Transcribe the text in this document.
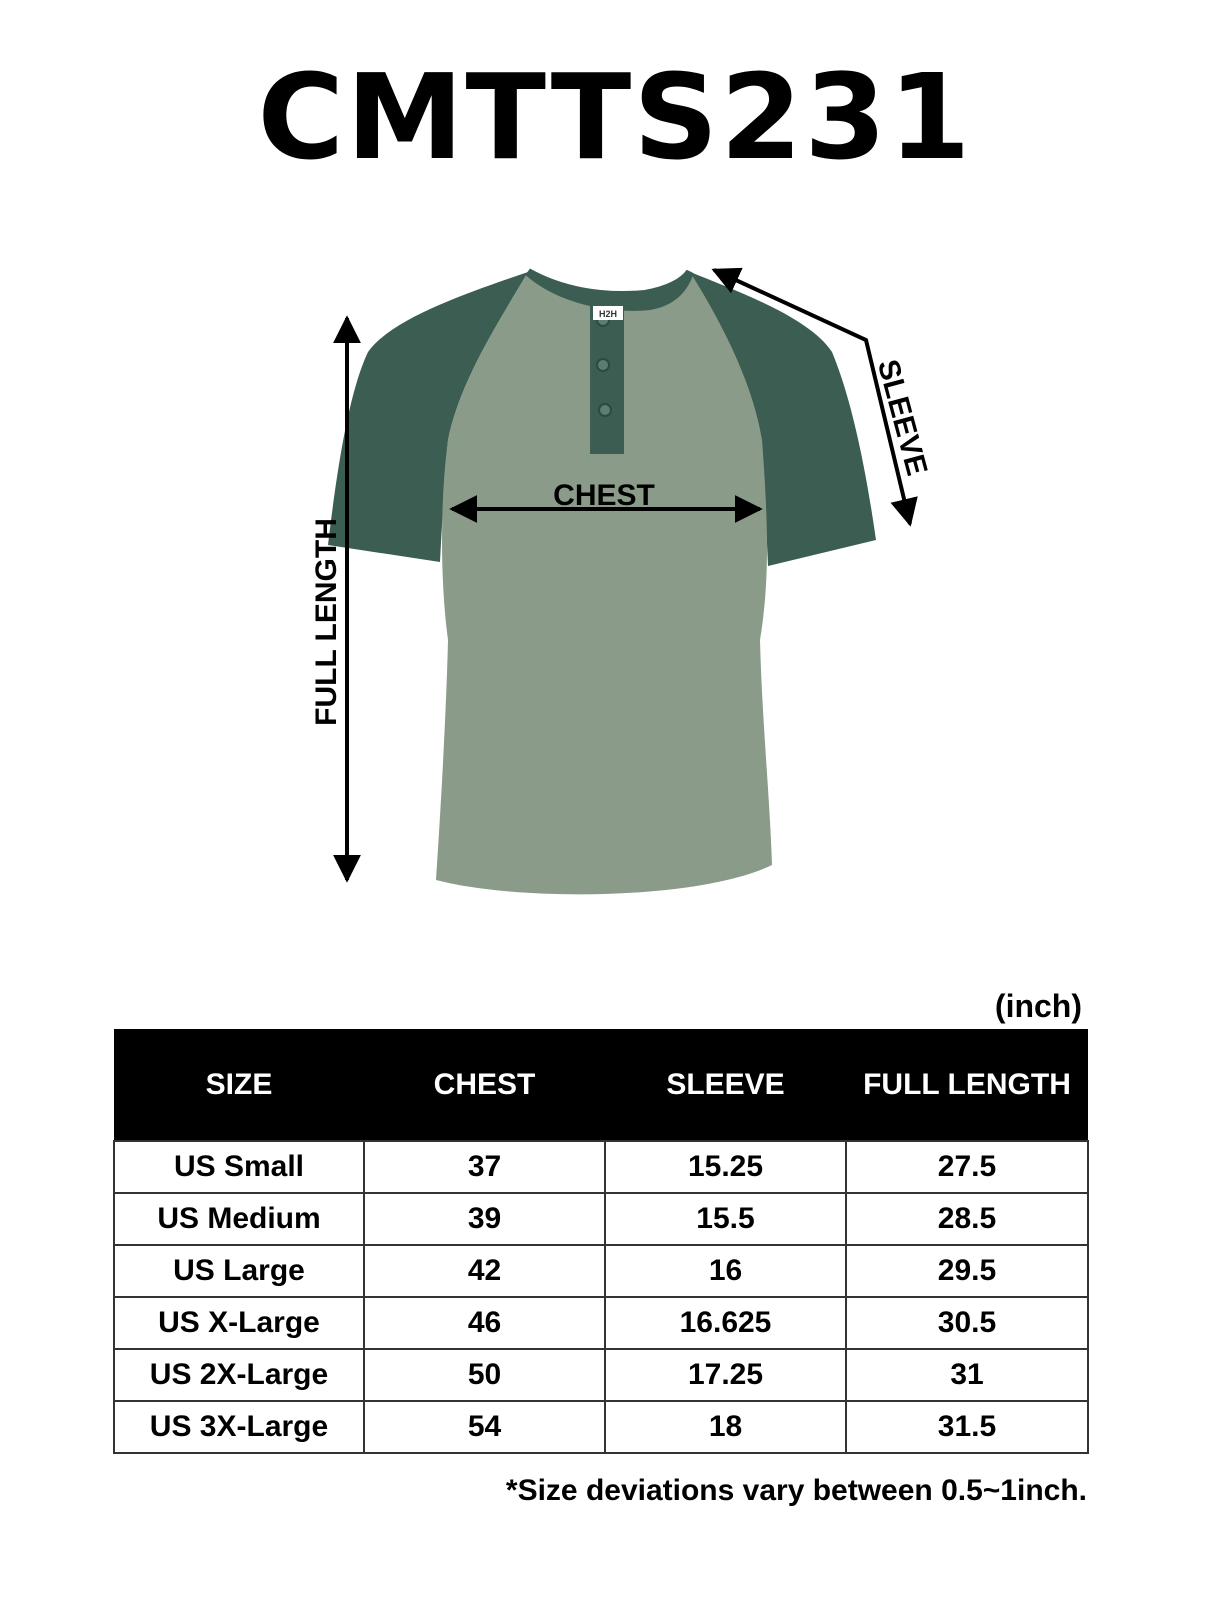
CMTTS231
H2H
CHEST
FULL LENGTH
SLEEVE
(inch)
SIZE	CHEST	SLEEVE	FULL LENGTH
US Small	37	15.25	27.5
US Medium	39	15.5	28.5
US Large	42	16	29.5
US X-Large	46	16.625	30.5
US 2X-Large	50	17.25	31
US 3X-Large	54	18	31.5
*Size deviations vary between 0.5~1inch.
